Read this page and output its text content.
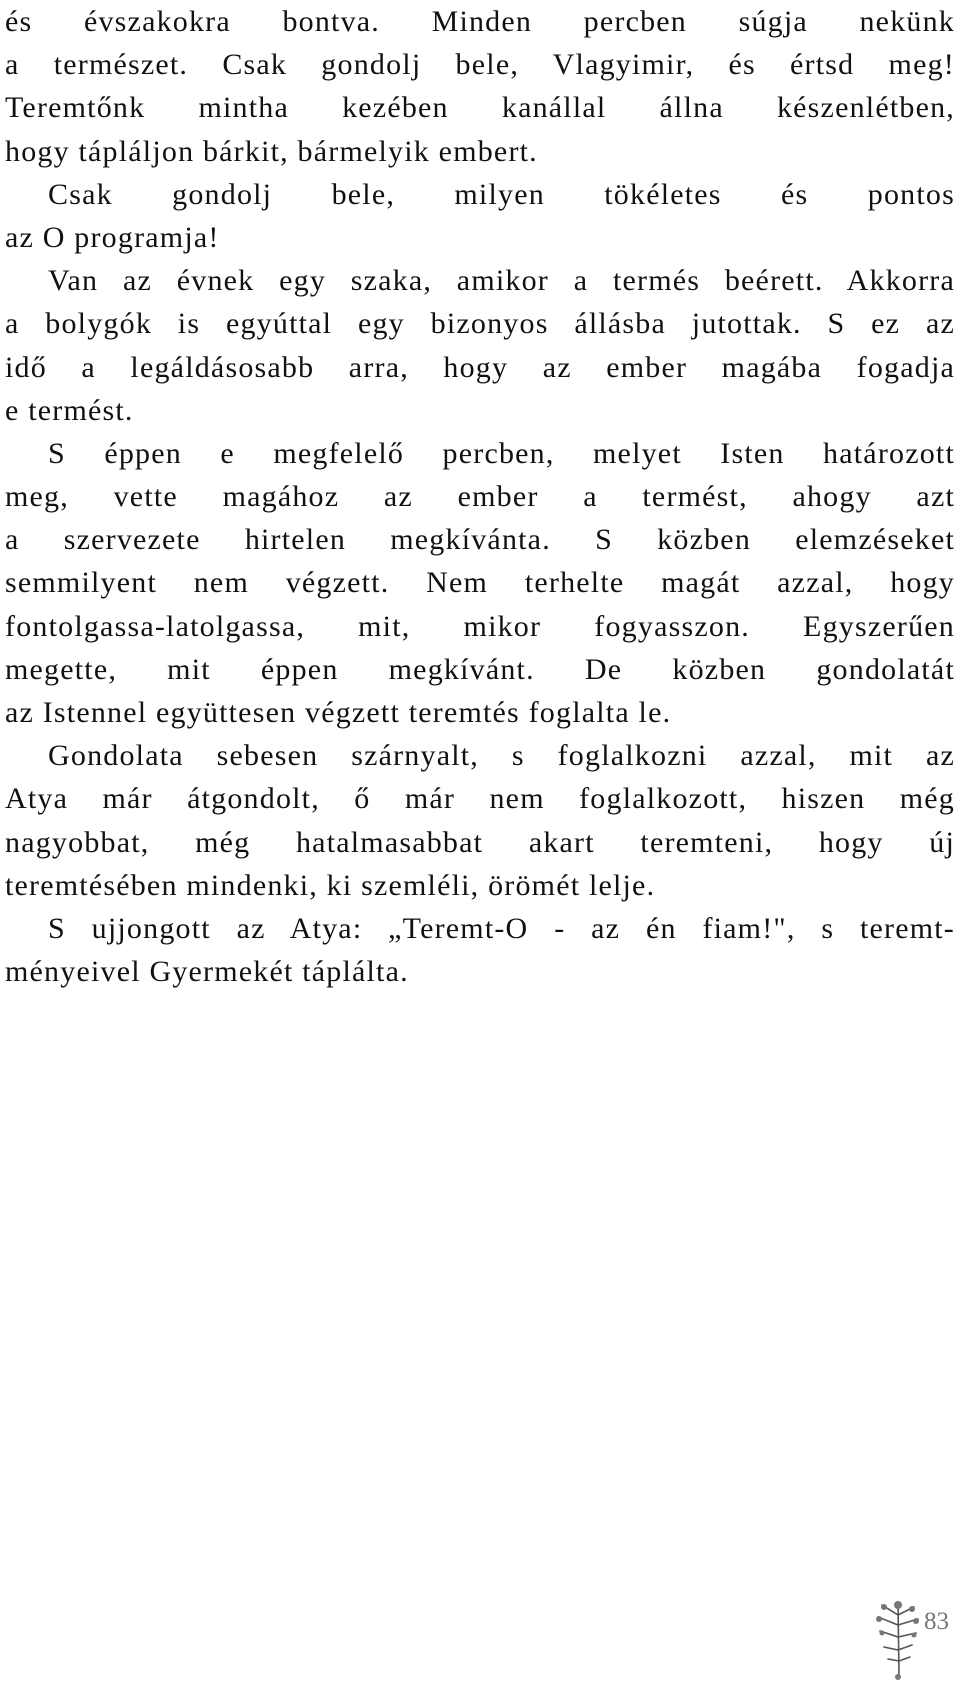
és évszakokra bontva. Minden percben súgja nekünk
a természet. Csak gondolj bele, Vlagyimir, és értsd meg!
Teremtőnk mintha kezében kanállal állna készenlétben,
hogy tápláljon bárkit, bármelyik embert.
Csak gondolj bele, milyen tökéletes és pontos
az O programja!
Van az évnek egy szaka, amikor a termés beérett. Akkorra
a bolygók is egyúttal egy bizonyos állásba jutottak. S ez az
idő a legáldásosabb arra, hogy az ember magába fogadja
e termést.
S éppen e megfelelő percben, melyet Isten határozott
meg, vette magához az ember a termést, ahogy azt
a szervezete hirtelen megkívánta. S közben elemzéseket
semmilyent nem végzett. Nem terhelte magát azzal, hogy
fontolgassa-latolgassa, mit, mikor fogyasszon. Egyszerűen
megette, mit éppen megkívánt. De közben gondolatát
az Istennel együttesen végzett teremtés foglalta le.
Gondolata sebesen szárnyalt, s foglalkozni azzal, mit az
Atya már átgondolt, ő már nem foglalkozott, hiszen még
nagyobbat, még hatalmasabbat akart teremteni, hogy új
teremtésében mindenki, ki szemléli, örömét lelje.
S ujjongott az Atya: „Teremt-O - az én fiam!", s teremt-
ményeivel Gyermekét táplálta.
83
